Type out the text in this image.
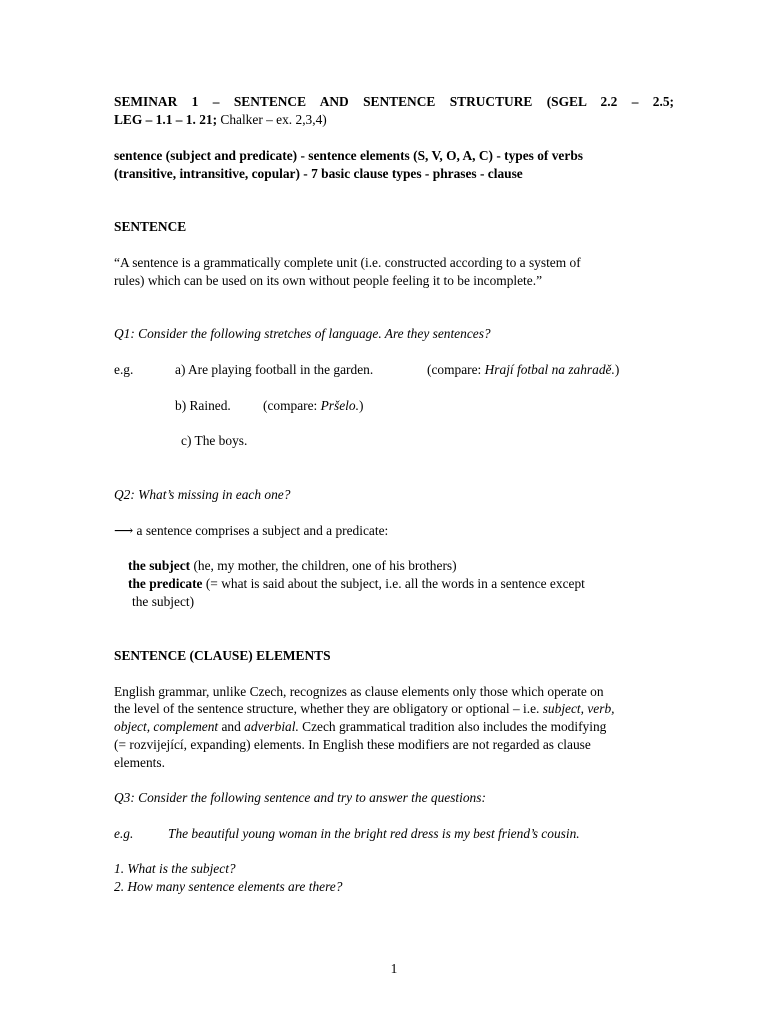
SEMINAR 1 – SENTENCE AND SENTENCE STRUCTURE (SGEL 2.2 – 2.5;
LEG – 1.1 – 1. 21; Chalker – ex. 2,3,4)
sentence (subject and predicate) - sentence elements (S, V, O, A, C) - types of verbs
(transitive, intransitive, copular) - 7 basic clause types - phrases - clause
SENTENCE
“A sentence is a grammatically complete unit (i.e. constructed according to a system of
rules) which can be used on its own without people feeling it to be incomplete.”
Q1: Consider the following stretches of language. Are they sentences?
e.g.	a) Are playing football in the garden.	(compare: Hrají fotbal na zahradě.)
b) Rained. (compare: Pršelo.)
c) The boys.
Q2: What’s missing in each one?
⟶ a sentence comprises a subject and a predicate:
the subject (he, my mother, the children, one of his brothers)
the predicate (= what is said about the subject, i.e. all the words in a sentence except
the subject)
SENTENCE (CLAUSE) ELEMENTS
English grammar, unlike Czech, recognizes as clause elements only those which operate on
the level of the sentence structure, whether they are obligatory or optional – i.e. subject, verb,
object, complement and adverbial. Czech grammatical tradition also includes the modifying
(= rozvijející, expanding) elements. In English these modifiers are not regarded as clause
elements.
Q3: Consider the following sentence and try to answer the questions:
e.g.	The beautiful young woman in the bright red dress is my best friend’s cousin.
1. What is the subject?
2. How many sentence elements are there?
1
